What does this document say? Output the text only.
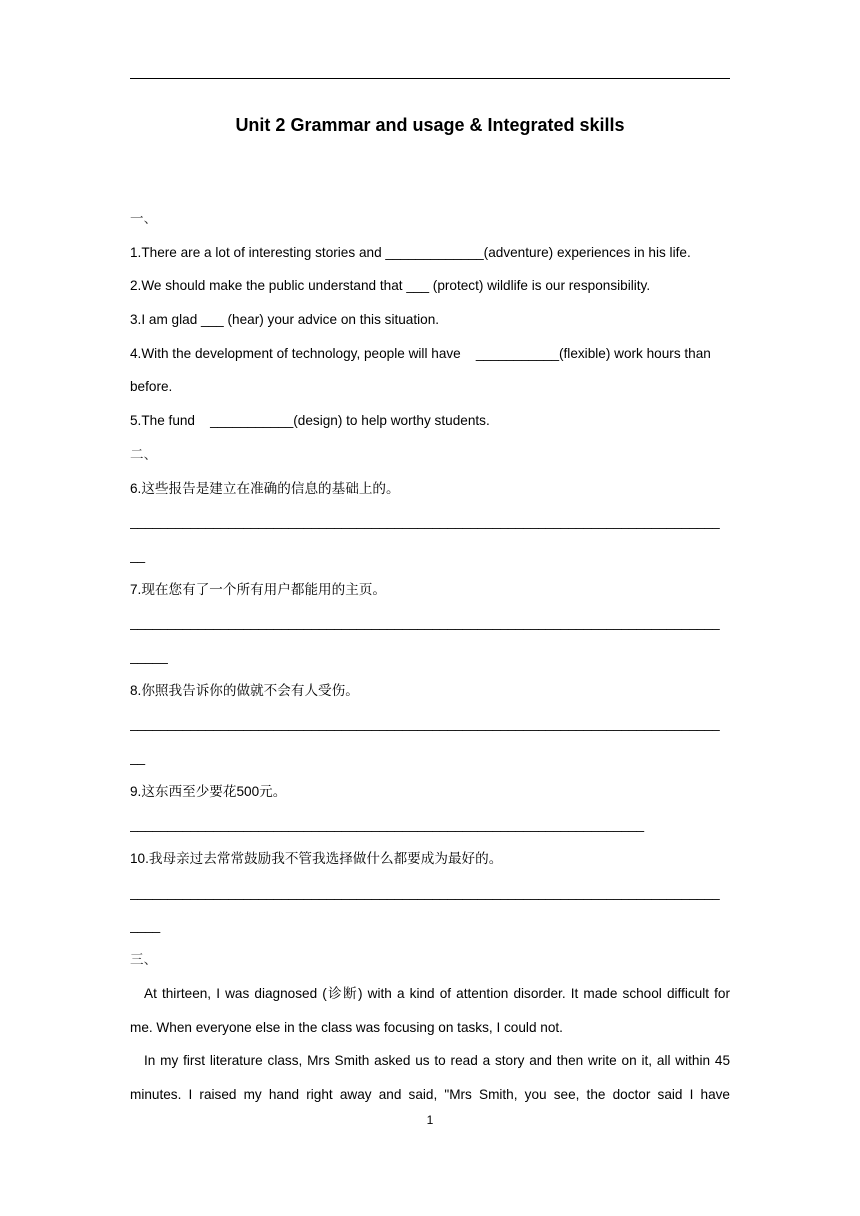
Unit 2 Grammar and usage & Integrated skills
一、
1.There are a lot of interesting stories and _____________(adventure) experiences in his life.
2.We should make the public understand that ___ (protect) wildlife is our responsibility.
3.I am glad ___ (hear) your advice on this situation.
4.With the development of technology, people will have    ___________(flexible) work hours than
before.
5.The fund    ___________(design) to help worthy students.
二、
6.这些报告是建立在准确的信息的基础上的。
______________________________________________________________________________
__
7.现在您有了一个所有用户都能用的主页。
______________________________________________________________________________
_____
8.你照我告诉你的做就不会有人受伤。
______________________________________________________________________________
__
9.这东西至少要花500元。
____________________________________________________________________
10.我母亲过去常常鼓励我不管我选择做什么都要成为最好的。
______________________________________________________________________________
____
三、
At thirteen, I was diagnosed (诊断) with a kind of attention disorder. It made school difficult for
me. When everyone else in the class was focusing on tasks, I could not.
In my first literature class, Mrs Smith asked us to read a story and then write on it, all within 45
minutes. I raised my hand right away and said, "Mrs Smith, you see, the doctor said I have
1
